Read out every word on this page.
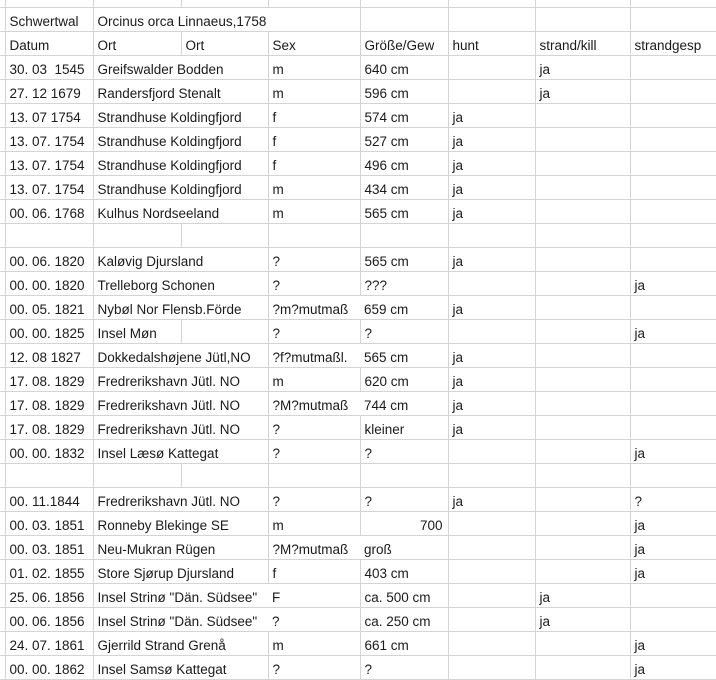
	Schwertwal	Orcinus orca Linnaeus,1758						
	Datum	Ort	Ort	Sex	Größe/Gew	hunt	strand/kill	strandgesp
	30. 03  1545	Greifswalder Bodden		m	640 cm		ja	
	27. 12 1679	Randersfjord Stenalt		m	596 cm		ja	
	13. 07 1754	Strandhuse Koldingfjord		f	574 cm	ja		
	13. 07. 1754	Strandhuse Koldingfjord		f	527 cm	ja		
	13. 07. 1754	Strandhuse Koldingfjord		f	496 cm	ja		
	13. 07. 1754	Strandhuse Koldingfjord		m	434 cm	ja		
	00. 06. 1768	Kulhus Nordseeland		m	565 cm	ja		

	00. 06. 1820	Kaløvig Djursland		?	565 cm	ja		
	00. 00. 1820	Trelleborg Schonen		?	???			ja
	00. 05. 1821	Nybøl Nor Flensb.Förde		?m?mutmaß	659 cm	ja		
	00. 00. 1825	Insel Møn		?	?			ja
	12. 08 1827	Dokkedalshøjene Jütl,NO		?f?mutmaßl.	565 cm	ja		
	17. 08. 1829	Fredrerikshavn Jütl. NO		m	620 cm	ja		
	17. 08. 1829	Fredrerikshavn Jütl. NO		?M?mutmaß	744 cm	ja		
	17. 08. 1829	Fredrerikshavn Jütl. NO		?	kleiner	ja		
	00. 00. 1832	Insel Læsø Kattegat		?	?			ja

	00. 11.1844	Fredrerikshavn Jütl. NO		?	?	ja		?
	00. 03. 1851	Ronneby Blekinge SE		m	700			ja
	00. 03. 1851	Neu-Mukran Rügen		?M?mutmaß	groß			ja
	01. 02. 1855	Store Sjørup Djursland		f	403 cm			ja
	25. 06. 1856	Insel Strinø "Dän. Südsee"		F	ca. 500 cm		ja	
	00. 06. 1856	Insel Strinø "Dän. Südsee"		?	ca. 250 cm		ja	
	24. 07. 1861	Gjerrild Strand Grenå		m	661 cm			ja
	00. 00. 1862	Insel Samsø Kattegat		?	?			ja
